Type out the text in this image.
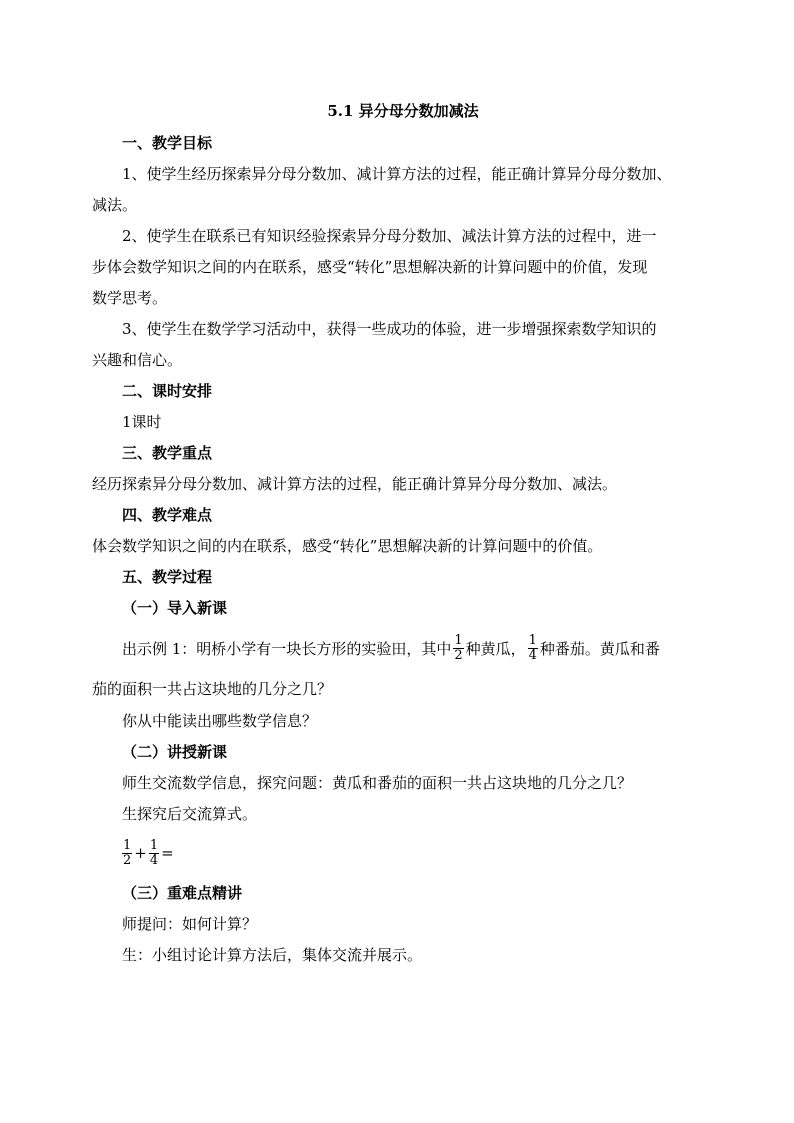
5.1 异分母分数加减法
一、教学目标
1、使学生经历探索异分母分数加、减计算方法的过程，能正确计算异分母分数加、
减法。
2、使学生在联系已有知识经验探索异分母分数加、减法计算方法的过程中，进一
步体会数学知识之间的内在联系，感受“转化”思想解决新的计算问题中的价值，发现
数学思考。
3、使学生在数学学习活动中，获得一些成功的体验，进一步增强探索数学知识的
兴趣和信心。
二、课时安排
1课时
三、教学重点
经历探索异分母分数加、减计算方法的过程，能正确计算异分母分数加、减法。
四、教学难点
体会数学知识之间的内在联系，感受“转化”思想解决新的计算问题中的价值。
五、教学过程
（一）导入新课
出示例 1：明桥小学有一块长方形的实验田，其中 $\frac{1}{2}$ 种黄瓜， $\frac{1}{4}$ 种番茄。黄瓜和番
茄的面积一共占这块地的几分之几？
你从中能读出哪些数学信息？
（二）讲授新课
师生交流数学信息，探究问题：黄瓜和番茄的面积一共占这块地的几分之几？
生探究后交流算式。
$\frac{1}{2} + \frac{1}{4}$ =
（三）重难点精讲
师提问：如何计算？
生：小组讨论计算方法后，集体交流并展示。
